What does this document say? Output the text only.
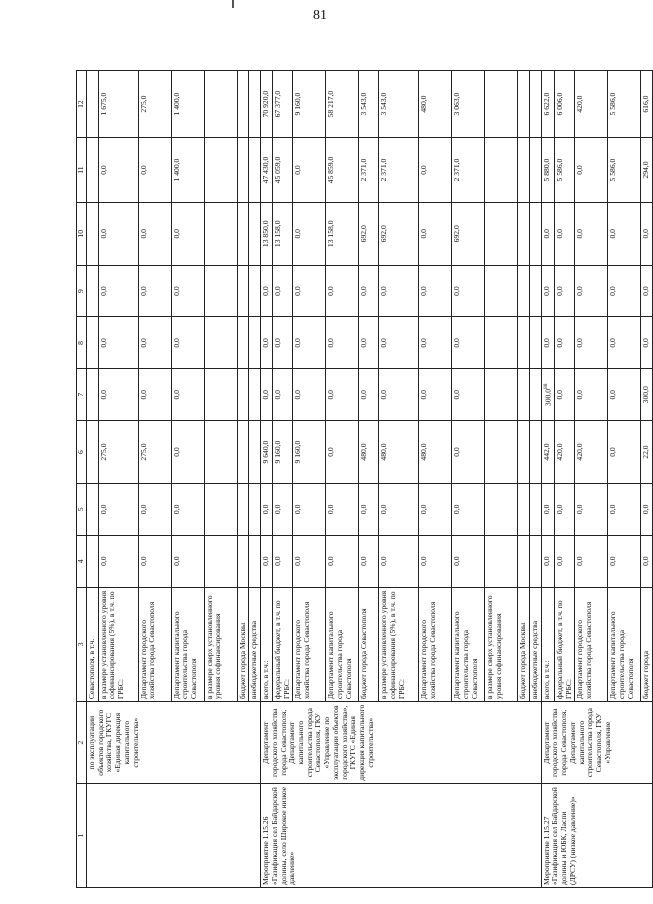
81
1	2	3	4	5	6	7	8	9	10	11	12
	по эксплуатации объектов городского хозяйства, ГКУГС «Единая дирекция капитального строительства»	Севастополя, в т.ч.									
		в размере установленного уровня софинансирования (5%), в т.ч. по ГРБС:	0,0	0,0	275,0	0,0	0,0	0,0	0,0	0,0	1 675,0
		Департамент городского хозяйства города Севастополя	0,0	0,0	275,0	0,0	0,0	0,0	0,0	0,0	275,0
		Департамент капитального строительства города Севастополя	0,0	0,0	0,0	0,0	0,0	0,0	0,0	1 400,0	1 400,0
		в размере сверх установленного уровня софинансирования									
		бюджет города Москвы									
		внебюджетные средства									
Мероприятие 1.15.26 «Газификация сел Байдарской долины, село Широкое низкое давление»	Департамент городского хозяйства города Севастополя, Департамент капитального строительства города Севастополя, ГКУ «Управление по эксплуатации объектов городского хозяйства», ГКУГС «Единая дирекция капитального строительства»	всего, в т.ч.:	0,0	0,0	9 640,0	0,0	0,0	0,0	13 850,0	47 430,0	70 920,0
		федеральный бюджет, в т.ч. по ГРБС:	0,0	0,0	9 160,0	0,0	0,0	0,0	13 158,0	45 059,0	67 377,0
		Департамент городского хозяйства города Севастополя	0,0	0,0	9 160,0	0,0	0,0	0,0	0,0	0,0	9 160,0
		Департамент капитального строительства города Севастополя	0,0	0,0	0,0	0,0	0,0	0,0	13 158,0	45 859,0	58 217,0
		бюджет города Севастополя	0,0	0,0	480,0	0,0	0,0	0,0	692,0	2 371,0	3 543,0
		в размере установленного уровня софинансирования (5%), в т.ч. по ГРБС:	0,0	0,0	480,0	0,0	0,0	0,0	692,0	2 371,0	3 543,0
		Департамент городского хозяйства города Севастополя	0,0	0,0	480,0	0,0	0,0	0,0	0,0	0,0	480,0
		Департамент капитального строительства города Севастополя	0,0	0,0	0,0	0,0	0,0	0,0	692,0	2 371,0	3 063,0
		в размере сверх установленного уровня софинансирования									
		бюджет города Москвы									
		внебюджетные средства									
Мероприятие 1.15.27 «Газификация сел Байдарской долины и ЮБК, Ласпи (ДРСУ) (низкое давление)»	Департамент городского хозяйства города Севастополя, Департамент капитального строительства города Севастополя, ГКУ «Управление	всего, в т.ч.:	0,0	0,0	442,0	300,0$^{88}$	0,0	0,0	0,0	5 880,0	6 622,0
		федеральный бюджет, в т.ч. по ГРБС:	0,0	0,0	420,0	0,0	0,0	0,0	0,0	5 586,0	6 006,0
		Департамент городского хозяйства города Севастополя	0,0	0,0	420,0	0,0	0,0	0,0	0,0	0,0	420,0
		Департамент капитального строительства города Севастополя	0,0	0,0	0,0	0,0	0,0	0,0	0,0	5 586,0	5 586,0
		бюджет города	0,0	0,0	22,0	300,0	0,0	0,0	0,0	294,0	616,0
